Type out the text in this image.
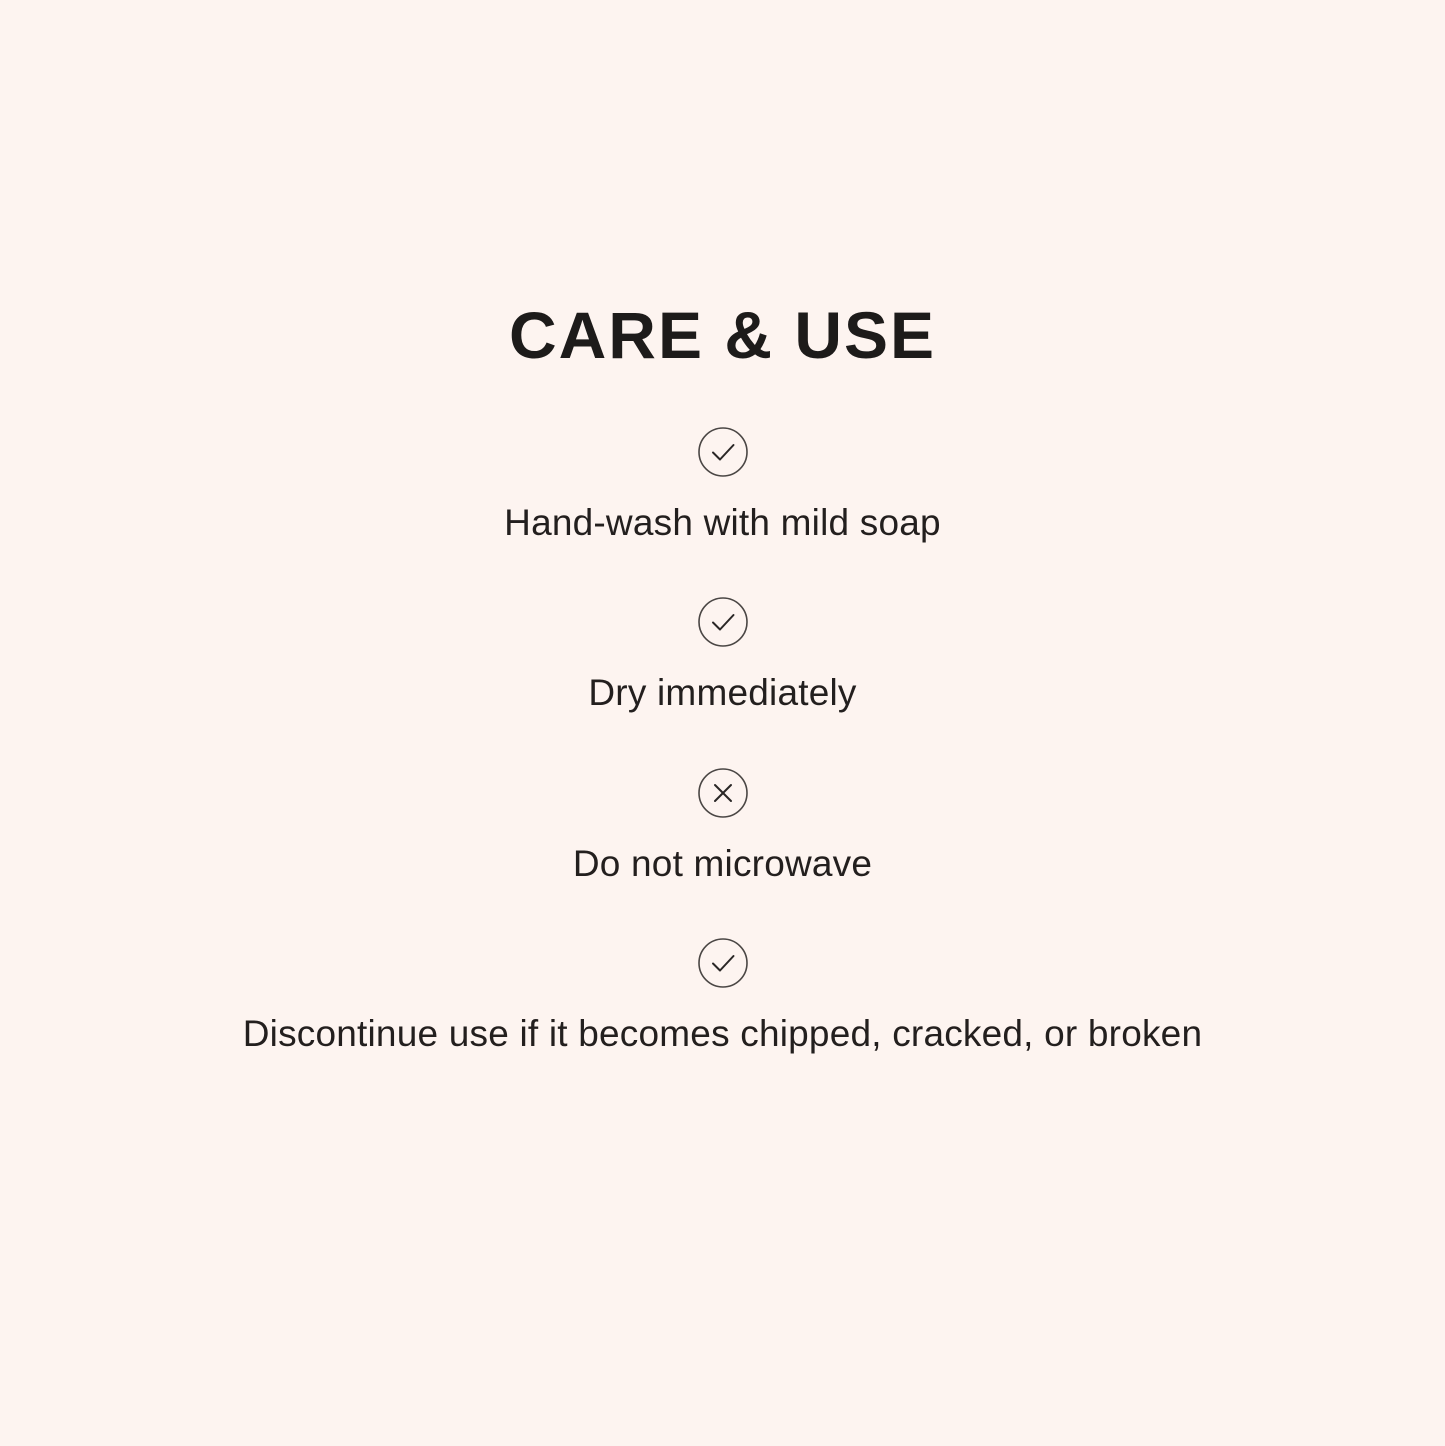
CARE & USE
Hand-wash with mild soap
Dry immediately
Do not microwave
Discontinue use if it becomes chipped, cracked, or broken
